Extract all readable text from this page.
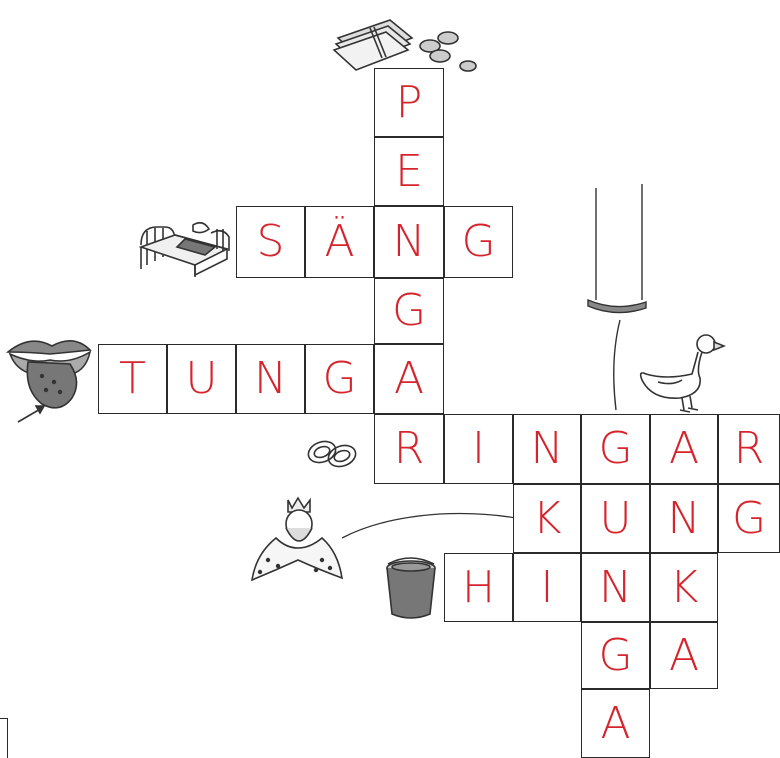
P
E
S Ä N G
G
T U N G A
R	I	N G A R
K U N G
H	I	N K
G A
A
